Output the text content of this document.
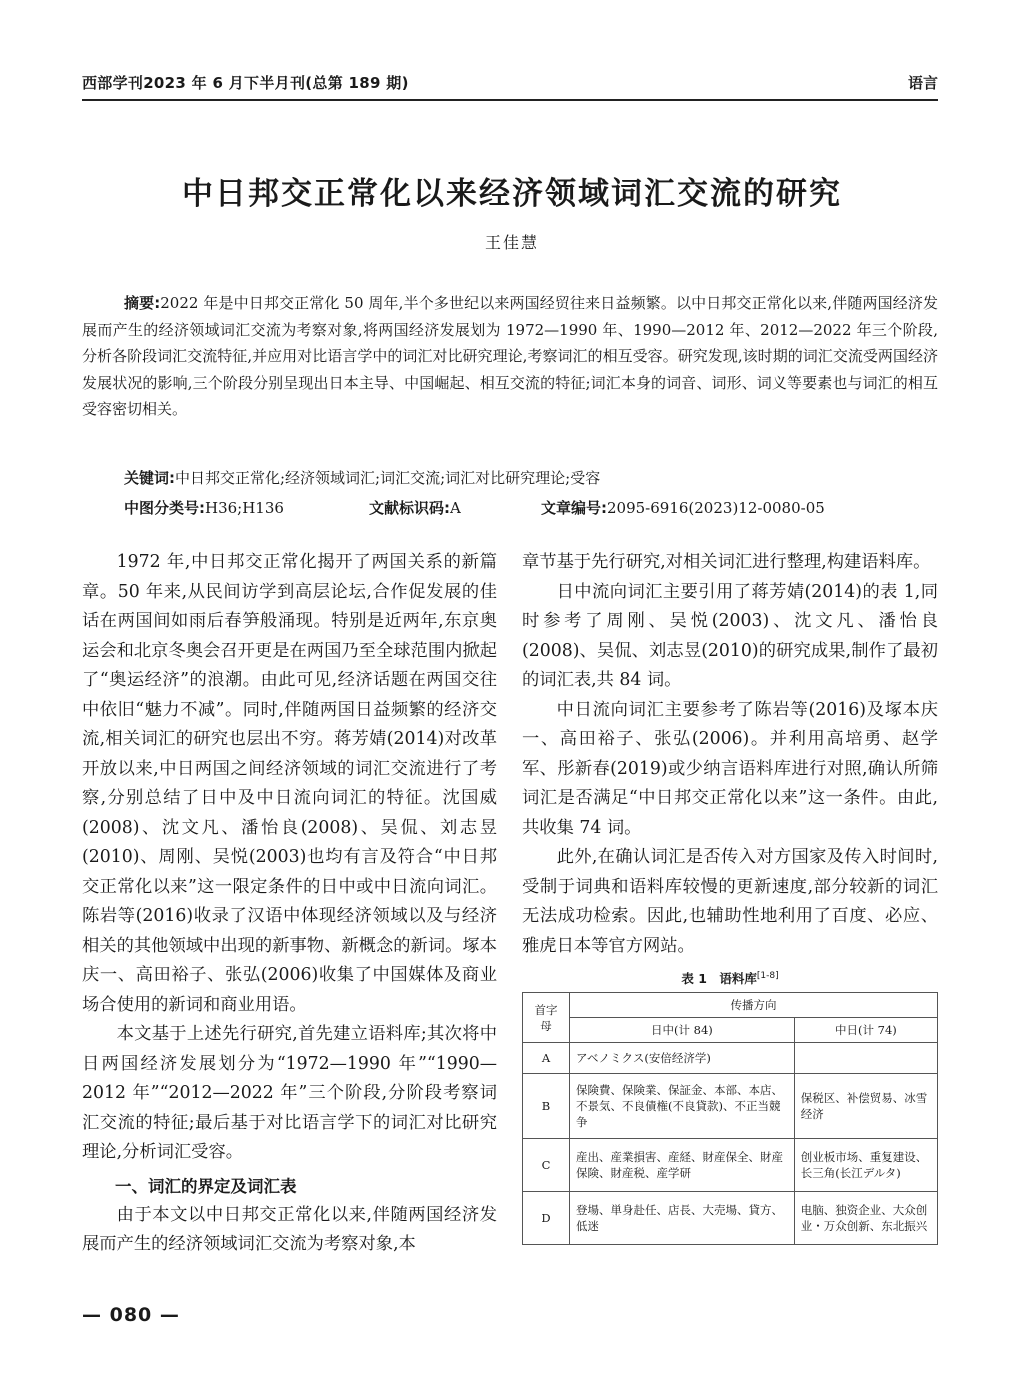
西部学刊2023 年 6 月下半月刊(总第 189 期)	语言
中日邦交正常化以来经济领域词汇交流的研究
王佳慧

摘要:2022 年是中日邦交正常化 50 周年,半个多世纪以来两国经贸往来日益频繁。以中日邦交正常化以来,伴随两国经济发展而产生的经济领域词汇交流为考察对象,将两国经济发展划为 1972—1990 年、1990—2012 年、2012—2022 年三个阶段,分析各阶段词汇交流特征,并应用对比语言学中的词汇对比研究理论,考察词汇的相互受容。研究发现,该时期的词汇交流受两国经济发展状况的影响,三个阶段分别呈现出日本主导、中国崛起、相互交流的特征;词汇本身的词音、词形、词义等要素也与词汇的相互受容密切相关。

关键词:中日邦交正常化;经济领域词汇;词汇交流;词汇对比研究理论;受容
中图分类号:H36;H136	文献标识码:A	文章编号:2095-6916(2023)12-0080-05

1972 年,中日邦交正常化揭开了两国关系的新篇章。50 年来,从民间访学到高层论坛,合作促发展的佳话在两国间如雨后春笋般涌现。特别是近两年,东京奥运会和北京冬奥会召开更是在两国乃至全球范围内掀起了“奥运经济”的浪潮。由此可见,经济话题在两国交往中依旧“魅力不减”。同时,伴随两国日益频繁的经济交流,相关词汇的研究也层出不穷。蒋芳婧(2014)对改革开放以来,中日两国之间经济领域的词汇交流进行了考察,分别总结了日中及中日流向词汇的特征。沈国威(2008)、沈文凡、潘怡良(2008)、吴侃、刘志昱(2010)、周刚、吴悦(2003)也均有言及符合“中日邦交正常化以来”这一限定条件的日中或中日流向词汇。陈岩等(2016)收录了汉语中体现经济领域以及与经济相关的其他领域中出现的新事物、新概念的新词。塚本庆一、高田裕子、张弘(2006)收集了中国媒体及商业场合使用的新词和商业用语。

本文基于上述先行研究,首先建立语料库;其次将中日两国经济发展划分为“1972—1990 年”“1990—2012 年”“2012—2022 年”三个阶段,分阶段考察词汇交流的特征;最后基于对比语言学下的词汇对比研究理论,分析词汇受容。

一、词汇的界定及词汇表

由于本文以中日邦交正常化以来,伴随两国经济发展而产生的经济领域词汇交流为考察对象,本

章节基于先行研究,对相关词汇进行整理,构建语料库。

日中流向词汇主要引用了蒋芳婧(2014)的表 1,同时参考了周刚、吴悦(2003)、沈文凡、潘怡良(2008)、吴侃、刘志昱(2010)的研究成果,制作了最初的词汇表,共 84 词。

中日流向词汇主要参考了陈岩等(2016)及塚本庆一、高田裕子、张弘(2006)。并利用高培勇、赵学军、彤新春(2019)或少纳言语料库进行对照,确认所筛词汇是否满足“中日邦交正常化以来”这一条件。由此,共收集 74 词。

此外,在确认词汇是否传入对方国家及传入时间时,受制于词典和语料库较慢的更新速度,部分较新的词汇无法成功检索。因此,也辅助性地利用了百度、必应、雅虎日本等官方网站。

表 1　语料库[1-8]
首字母	传播方向	
	日中(计 84)	中日(计 74)
A	アベノミクス(安倍经济学)	
B	保険費、保険業、保証金、本部、本店、不景気、不良債権(不良貸款)、不正当競争	保税区、补偿贸易、冰雪经济
C	産出、産業損害、産経、財産保全、財産保険、財産税、産学研	创业板市场、重复建设、长三角(长江デルタ)
D	登場、単身赴任、店長、大売場、貸方、低迷	电脑、独资企业、大众创业・万众创新、东北振兴
— 080 —
